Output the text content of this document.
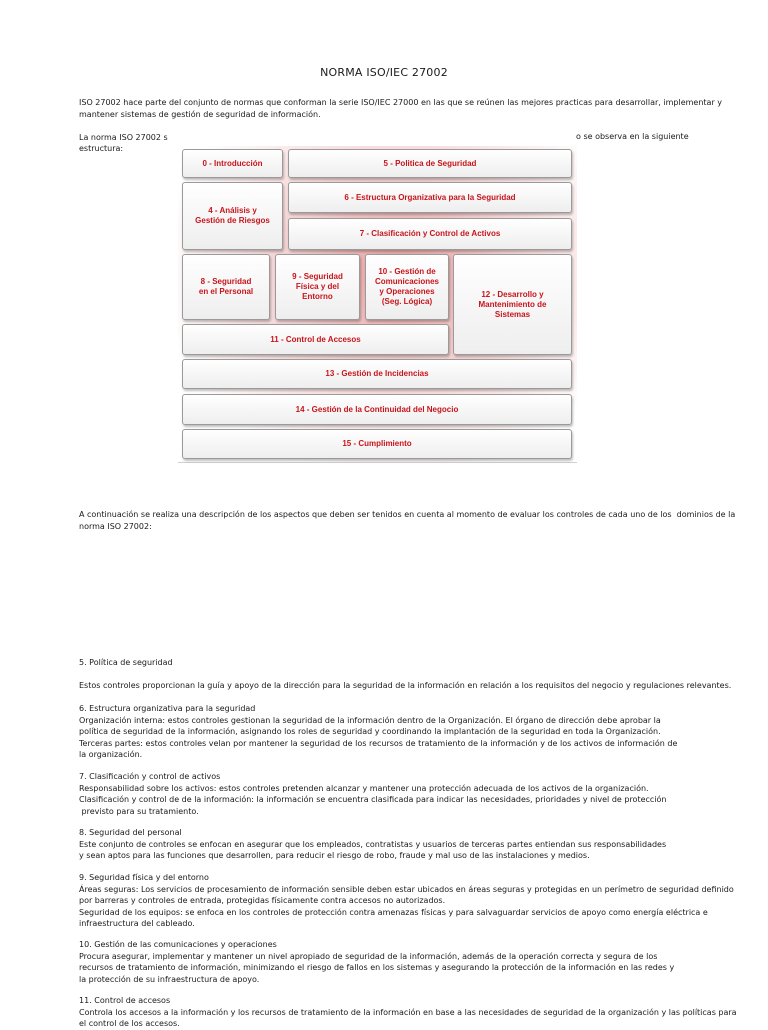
NORMA ISO/IEC 27002
ISO 27002 hace parte del conjunto de normas que conforman la serie ISO/IEC 27000 en las que se reúnen las mejores practicas para desarrollar, implementar y
mantener sistemas de gestión de seguridad de información.
La norma ISO 27002 s	o se observa en la siguiente
estructura:
0 - Introducción	5 - Politica de Seguridad
4 - Análisis y
Gestión de Riesgos
6 - Estructura Organizativa para la Seguridad
7 - Clasificación y Control de Activos
8 - Seguridad
en el Personal
9 - Seguridad
Física y del
Entorno
10 - Gestión de
Comunicaciones
y Operaciones
(Seg. Lógica)
12 - Desarrollo y
Mantenimiento de
Sistemas
11 - Control de Accesos
13 - Gestión de Incidencias
14 - Gestión de la Continuidad del Negocio
15 - Cumplimiento
A continuación se realiza una descripción de los aspectos que deben ser tenidos en cuenta al momento de evaluar los controles de cada uno de los  dominios de la
norma ISO 27002:
5. Política de seguridad
Estos controles proporcionan la guía y apoyo de la dirección para la seguridad de la información en relación a los requisitos del negocio y regulaciones relevantes.
6. Estructura organizativa para la seguridad
Organización interna: estos controles gestionan la seguridad de la información dentro de la Organización. El órgano de dirección debe aprobar la
política de seguridad de la información, asignando los roles de seguridad y coordinando la implantación de la seguridad en toda la Organización.
Terceras partes: estos controles velan por mantener la seguridad de los recursos de tratamiento de la información y de los activos de información de
la organización.
7. Clasificación y control de activos
Responsabilidad sobre los activos: estos controles pretenden alcanzar y mantener una protección adecuada de los activos de la organización.
Clasificación y control de de la información: la información se encuentra clasificada para indicar las necesidades, prioridades y nivel de protección
previsto para su tratamiento.
8. Seguridad del personal
Este conjunto de controles se enfocan en asegurar que los empleados, contratistas y usuarios de terceras partes entiendan sus responsabilidades
y sean aptos para las funciones que desarrollen, para reducir el riesgo de robo, fraude y mal uso de las instalaciones y medios.
9. Seguridad física y del entorno
Áreas seguras: Los servicios de procesamiento de información sensible deben estar ubicados en áreas seguras y protegidas en un perímetro de seguridad definido
por barreras y controles de entrada, protegidas físicamente contra accesos no autorizados.
Seguridad de los equipos: se enfoca en los controles de protección contra amenazas físicas y para salvaguardar servicios de apoyo como energía eléctrica e
infraestructura del cableado.
10. Gestión de las comunicaciones y operaciones
Procura asegurar, implementar y mantener un nivel apropiado de seguridad de la información, además de la operación correcta y segura de los
recursos de tratamiento de información, minimizando el riesgo de fallos en los sistemas y asegurando la protección de la información en las redes y
la protección de su infraestructura de apoyo.
11. Control de accesos
Controla los accesos a la información y los recursos de tratamiento de la información en base a las necesidades de seguridad de la organización y las políticas para
el control de los accesos.
